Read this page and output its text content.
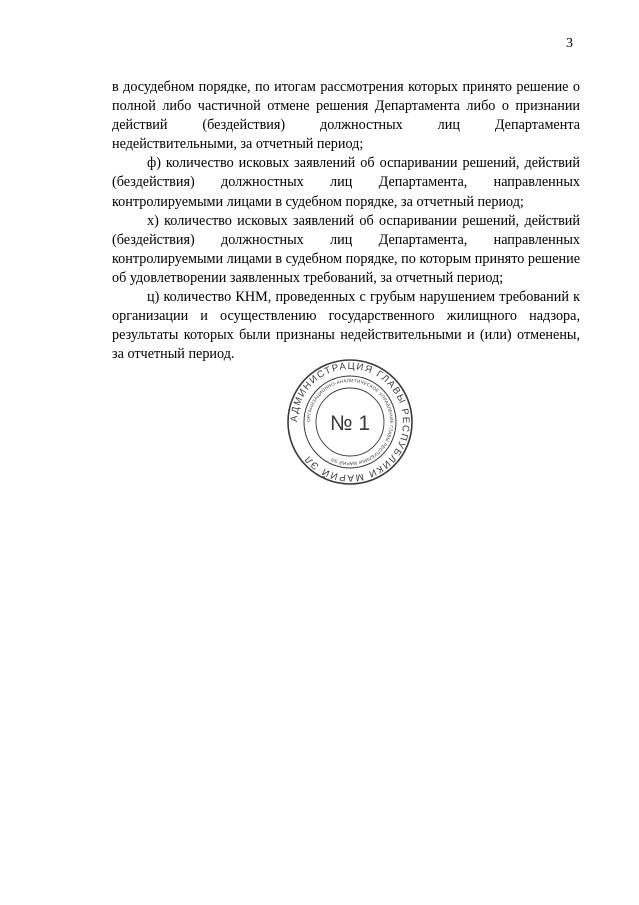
3

в досудебном порядке, по итогам рассмотрения которых принято решение о полной либо частичной отмене решения Департамента либо о признании действий (бездействия) должностных лиц Департамента недействительными, за отчетный период;

ф) количество исковых заявлений об оспаривании решений, действий (бездействия) должностных лиц Департамента, направленных контролируемыми лицами в судебном порядке, за отчетный период;

х) количество исковых заявлений об оспаривании решений, действий (бездействия) должностных лиц Департамента, направленных контролируемыми лицами в судебном порядке, по которым принято решение об удовлетворении заявленных требований, за отчетный период;

ц) количество КНМ, проведенных с грубым нарушением требований к организации и осуществлению государственного жилищного надзора, результаты которых были признаны недействительными и (или) отменены, за отчетный период.

АДМИНИСТРАЦИЯ ГЛАВЫ РЕСПУБЛИКИ МАРИЙ ЭЛ
ОРГАНИЗАЦИОННО-АНАЛИТИЧЕСКОЕ УПРАВЛЕНИЕ ГЛАВЫ РЕСПУБЛИКИ МАРИЙ ЭЛ
№ 1
